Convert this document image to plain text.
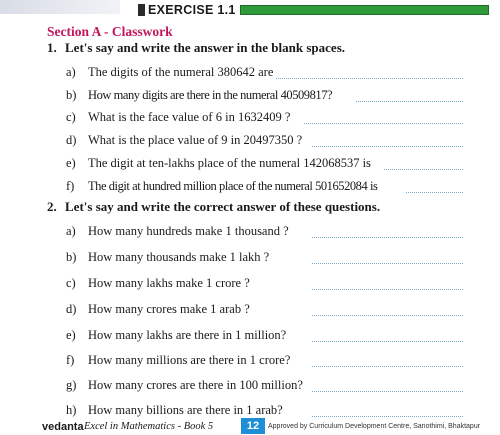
EXERCISE 1.1
Section A - Classwork
1. Let's say and write the answer in the blank spaces.
a) The digits of the numeral 380642 are
b) How many digits are there in the numeral 40509817?
c) What is the face value of 6 in 1632409 ?
d) What is the place value of 9 in 20497350 ?
e) The digit at ten-lakhs place of the numeral 142068537 is
f) The digit at hundred million place of the numeral 501652084 is
2. Let's say and write the correct answer of these questions.
a) How many hundreds make 1 thousand ?
b) How many thousands make 1 lakh ?
c) How many lakhs make 1 crore ?
d) How many crores make 1 arab ?
e) How many lakhs are there in 1 million?
f) How many millions are there in 1 crore?
g) How many crores are there in 100 million?
h) How many billions are there in 1 arab?
vedanta Excel in Mathematics - Book 5	12	Approved by Curriculum Development Centre, Sanothimi, Bhaktapur
